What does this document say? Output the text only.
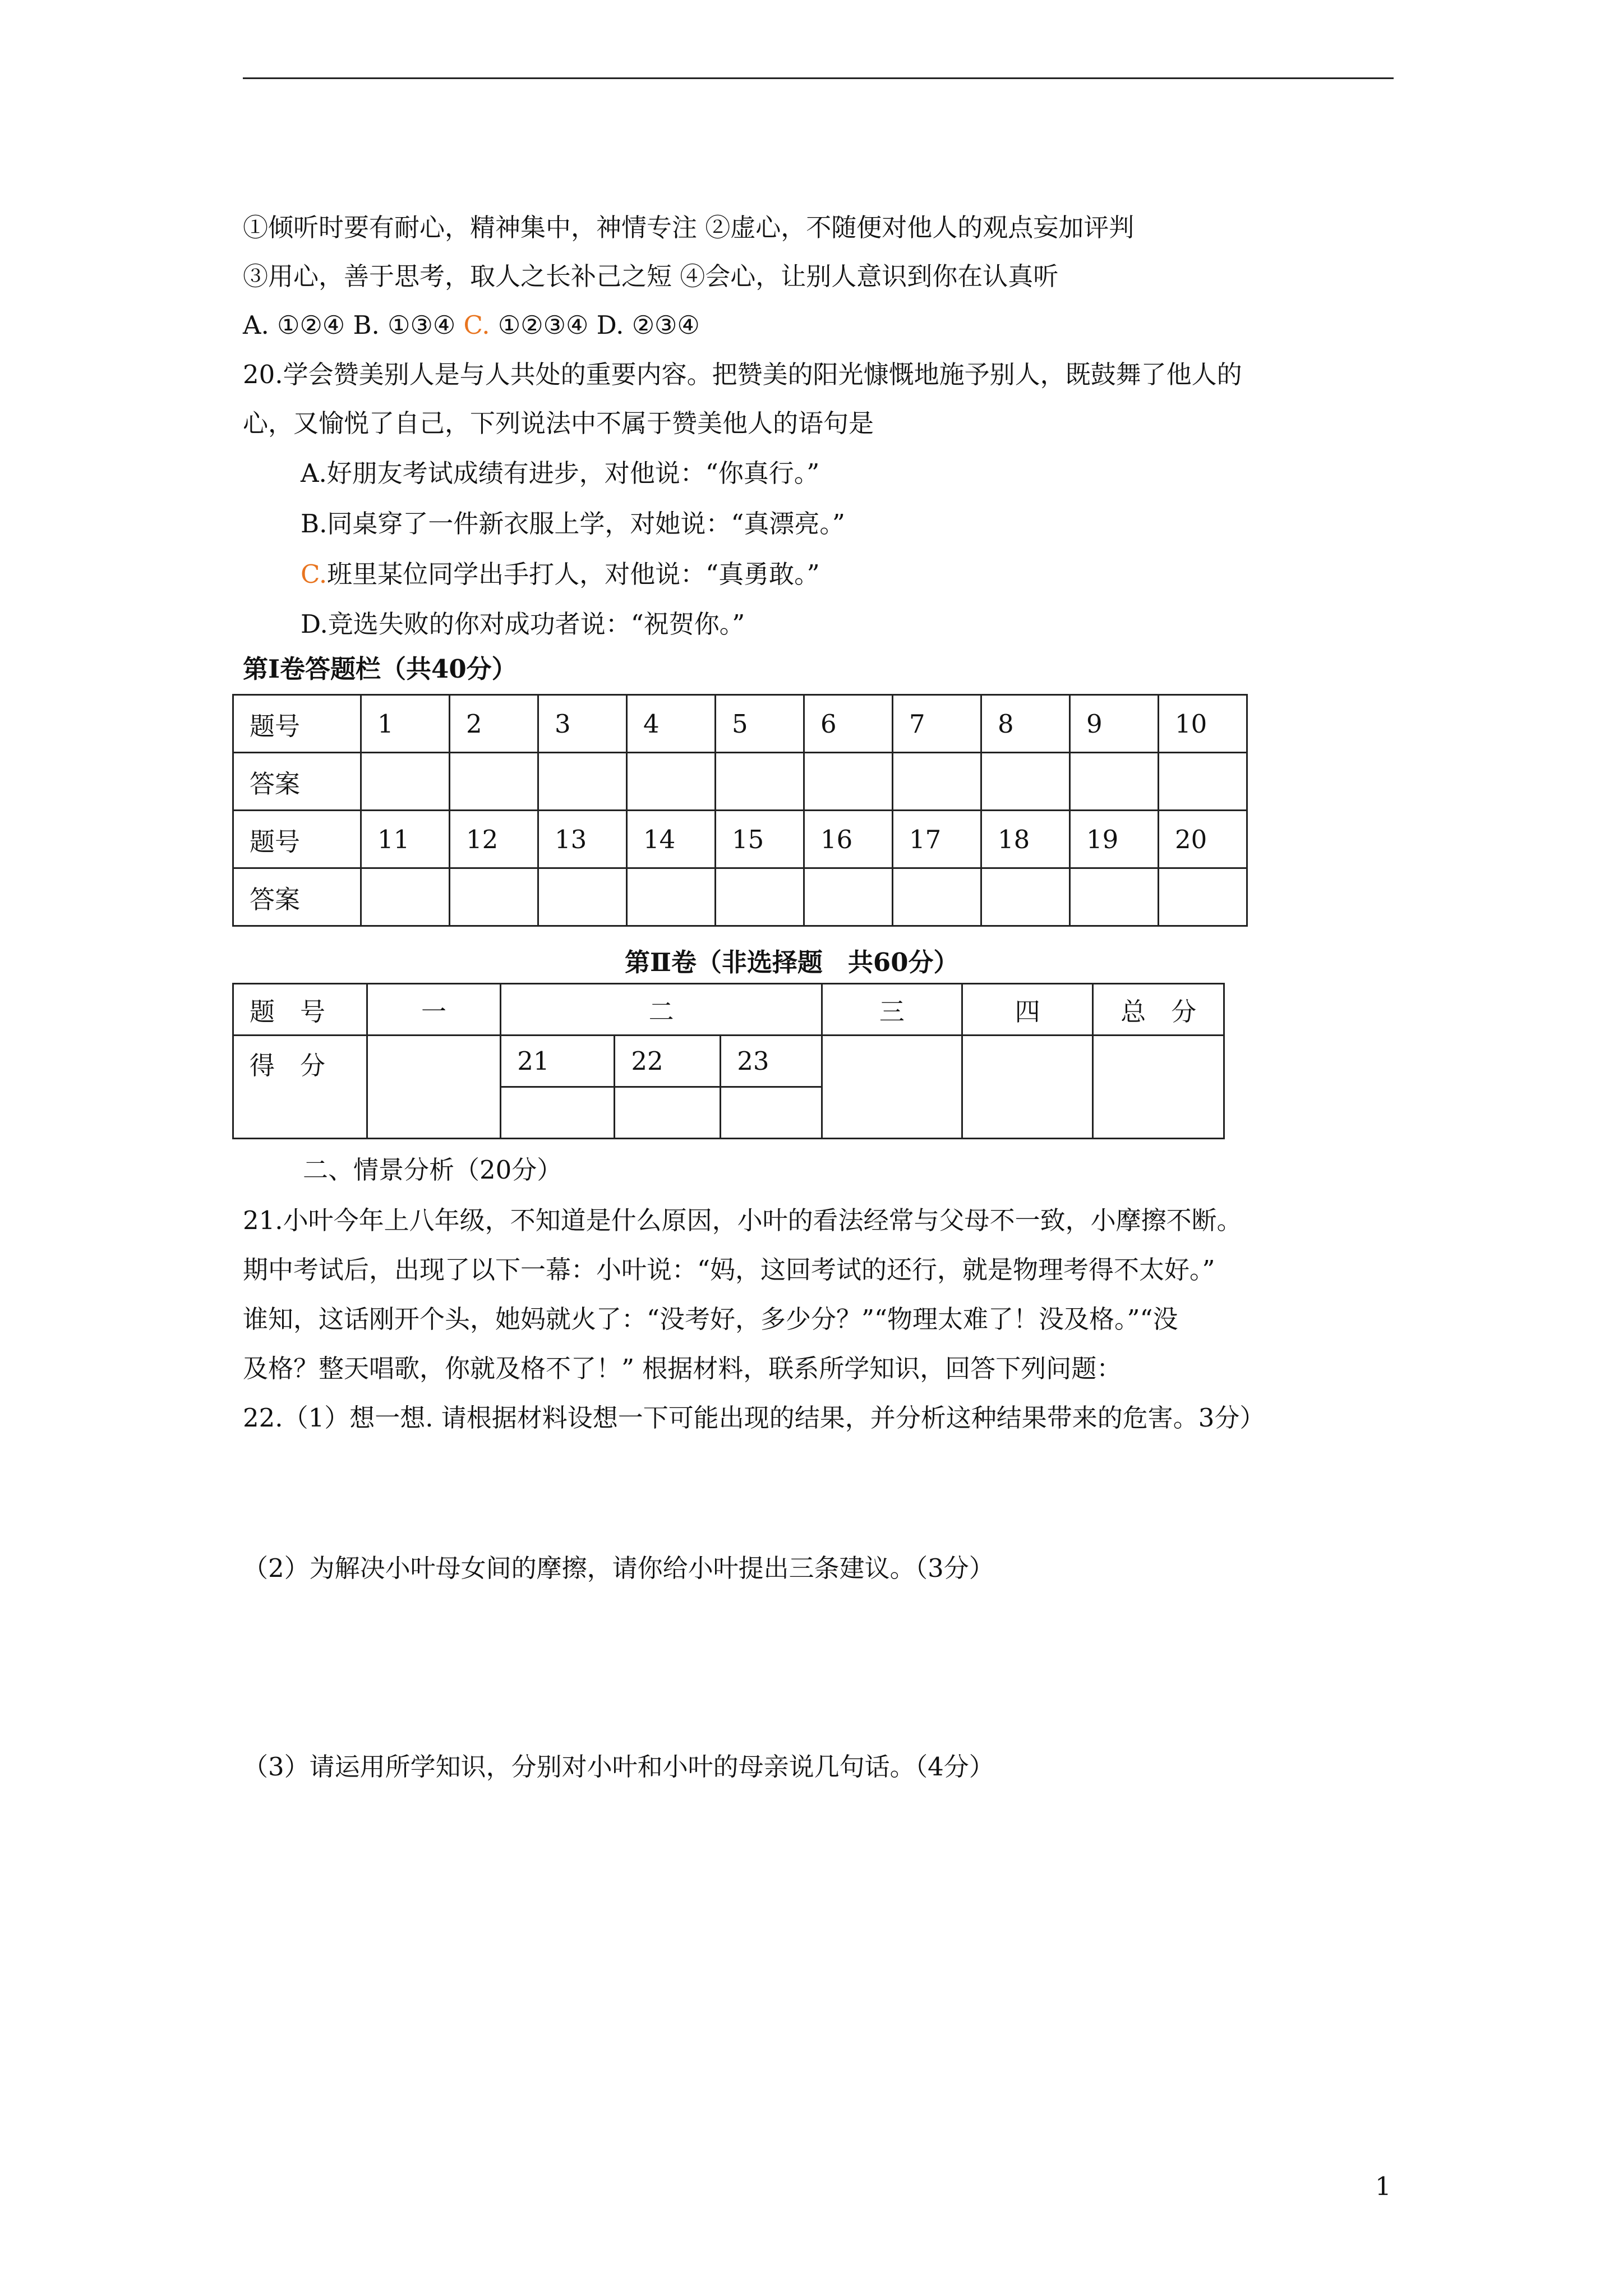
①倾听时要有耐心，精神集中，神情专注 ②虚心，不随便对他人的观点妄加评判
③用心，善于思考，取人之长补己之短 ④会心，让别人意识到你在认真听
A. ①②④ B. ①③④ C. ①②③④ D. ②③④
20.学会赞美别人是与人共处的重要内容。把赞美的阳光慷慨地施予别人，既鼓舞了他人的
心，又愉悦了自己，下列说法中不属于赞美他人的语句是
A.好朋友考试成绩有进步，对他说：“你真行。”
B.同桌穿了一件新衣服上学，对她说：“真漂亮。”
C.班里某位同学出手打人，对他说：“真勇敢。”
D.竞选失败的你对成功者说：“祝贺你。”
第Ⅰ卷答题栏（共40分）
题号	1	2	3	4	5	6	7	8	9	10
答案										
题号	11	12	13	14	15	16	17	18	19	20
答案										
第Ⅱ卷（非选择题　共60分）
题　号	一	二			三	四	总　分
得　分		21	22	23			

二、情景分析（20分）
21.小叶今年上八年级，不知道是什么原因，小叶的看法经常与父母不一致，小摩擦不断。
期中考试后，出现了以下一幕：小叶说：“妈，这回考试的还行，就是物理考得不太好。”
谁知，这话刚开个头，她妈就火了：“没考好，多少分？”“物理太难了！没及格。”“没
及格？整天唱歌，你就及格不了！” 根据材料，联系所学知识，回答下列问题：
22.（1）想一想. 请根据材料设想一下可能出现的结果，并分析这种结果带来的危害。3分）
（2）为解决小叶母女间的摩擦，请你给小叶提出三条建议。（3分）
（3）请运用所学知识，分别对小叶和小叶的母亲说几句话。（4分）
1
